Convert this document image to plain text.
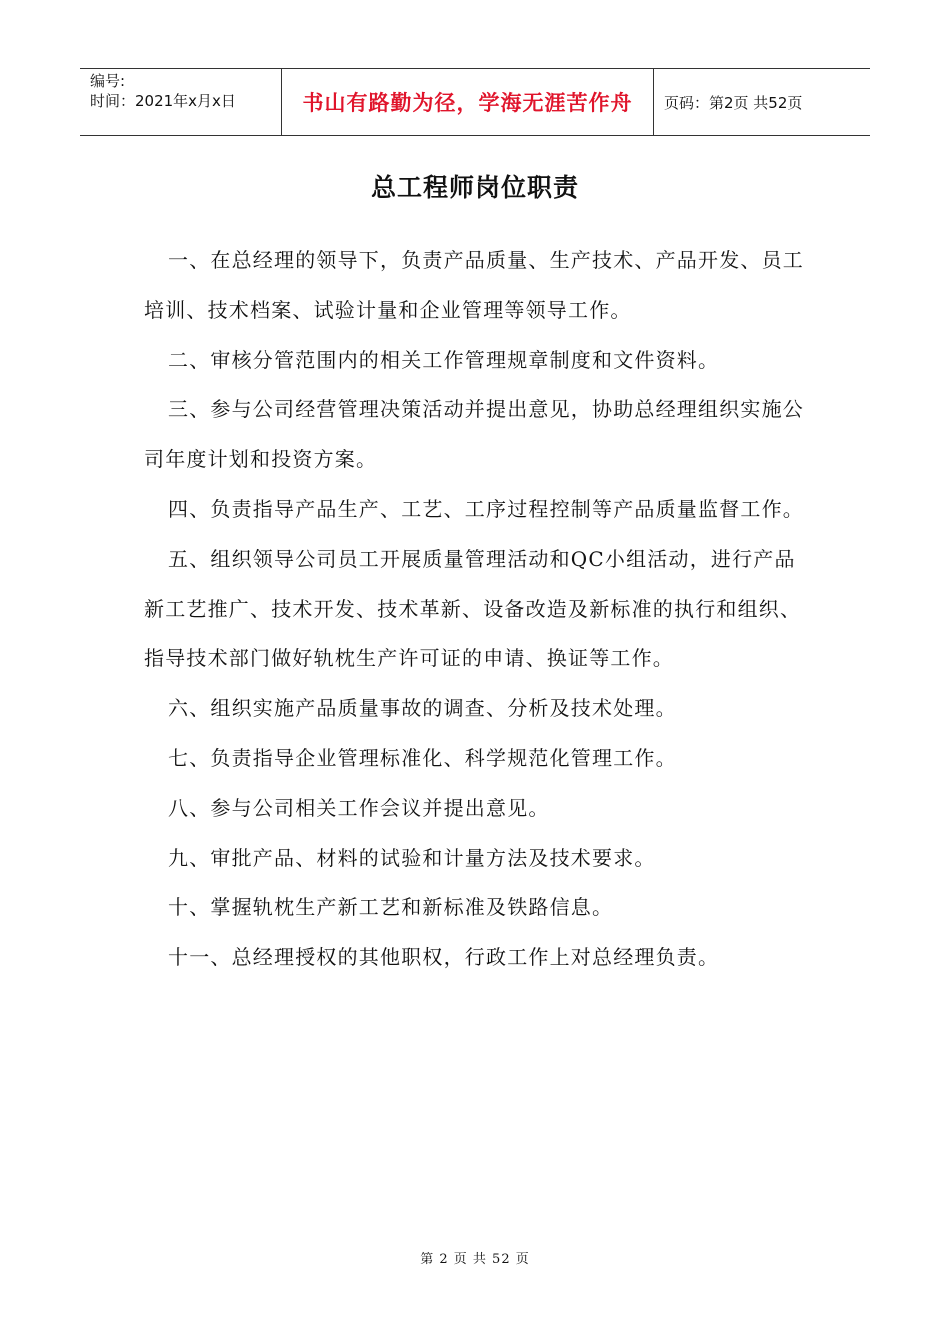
编号:
时间：2021年x月x日	书山有路勤为径，学海无涯苦作舟 页码：第2页 共52页
总工程师岗位职责

一、在总经理的领导下，负责产品质量、生产技术、产品开发、员工培训、技术档案、试验计量和企业管理等领导工作。

二、审核分管范围内的相关工作管理规章制度和文件资料。

三、参与公司经营管理决策活动并提出意见，协助总经理组织实施公司年度计划和投资方案。

四、负责指导产品生产、工艺、工序过程控制等产品质量监督工作。

五、组织领导公司员工开展质量管理活动和QC小组活动，进行产品新工艺推广、技术开发、技术革新、设备改造及新标准的执行和组织、指导技术部门做好轨枕生产许可证的申请、换证等工作。

六、组织实施产品质量事故的调查、分析及技术处理。

七、负责指导企业管理标准化、科学规范化管理工作。

八、参与公司相关工作会议并提出意见。

九、审批产品、材料的试验和计量方法及技术要求。

十、掌握轨枕生产新工艺和新标准及铁路信息。

十一、总经理授权的其他职权，行政工作上对总经理负责。

第 2 页 共 52 页
